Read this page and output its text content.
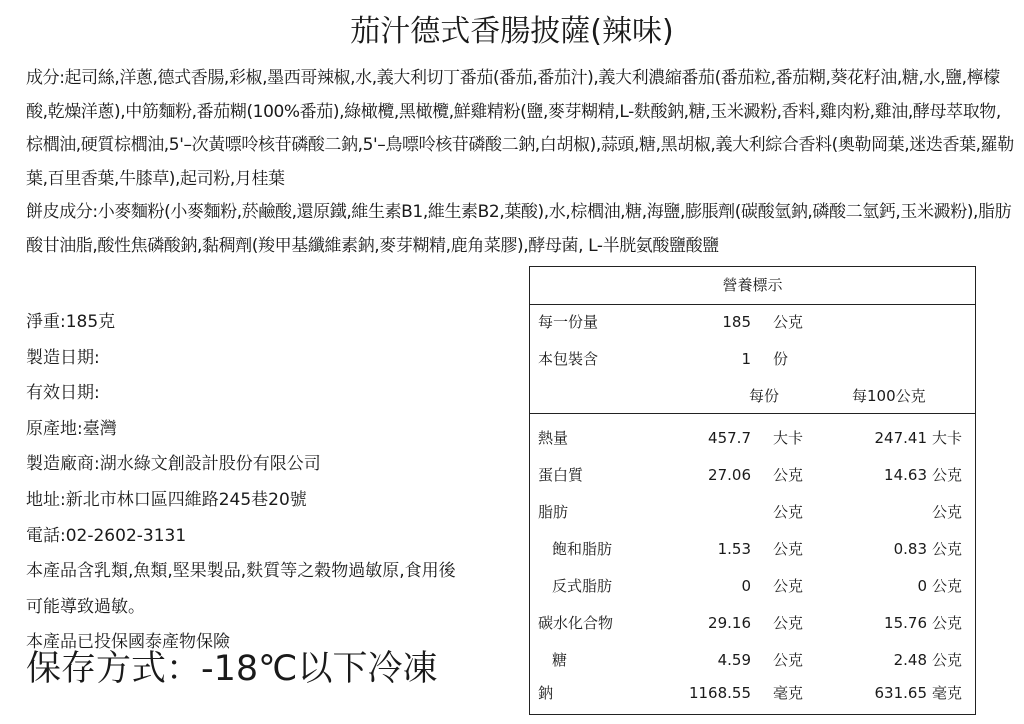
茄汁德式香腸披薩(辣味)
成分:起司絲,洋蔥,德式香腸,彩椒,墨西哥辣椒,水,義大利切丁番茄(番茄,番茄汁),義大利濃縮番茄(番茄粒,番茄糊,葵花籽油,糖,水,鹽,檸檬酸,乾燥洋蔥),中筋麵粉,番茄糊(100%番茄),綠橄欖,黑橄欖,鮮雞精粉(鹽,麥芽糊精,L-麩酸鈉,糖,玉米澱粉,香料,雞肉粉,雞油,酵母萃取物,棕櫚油,硬質棕櫚油,5'–次黃嘌呤核苷磷酸二鈉,5'–鳥嘌呤核苷磷酸二鈉,白胡椒),蒜頭,糖,黑胡椒,義大利綜合香料(奧勒岡葉,迷迭香葉,羅勒葉,百里香葉,牛膝草),起司粉,月桂葉
餅皮成分:小麥麵粉(小麥麵粉,菸鹼酸,還原鐵,維生素B1,維生素B2,葉酸),水,棕櫚油,糖,海鹽,膨脹劑(碳酸氫鈉,磷酸二氫鈣,玉米澱粉),脂肪酸甘油脂,酸性焦磷酸鈉,黏稠劑(羧甲基纖維素鈉,麥芽糊精,鹿角菜膠),酵母菌, L-半胱氨酸鹽酸鹽
淨重:185克
製造日期:
有效日期:
原產地:臺灣
製造廠商:湖水綠文創設計股份有限公司
地址:新北市林口區四維路245巷20號
電話:02-2602-3131
本產品含乳類,魚類,堅果製品,麩質等之穀物過敏原,食用後
可能導致過敏。
本產品已投保國泰產物保險
保存方式：-18℃以下冷凍
營養標示
每一份量	185 公克
本包裝含	1 份
每份	每100公克
熱量	457.7 大卡	247.41 大卡
蛋白質	27.06 公克	14.63 公克
脂肪	公克	公克
飽和脂肪	1.53 公克	0.83 公克
反式脂肪	0 公克	0 公克
碳水化合物	29.16 公克	15.76 公克
糖	4.59 公克	2.48 公克
鈉	1168.55 毫克	631.65 毫克
